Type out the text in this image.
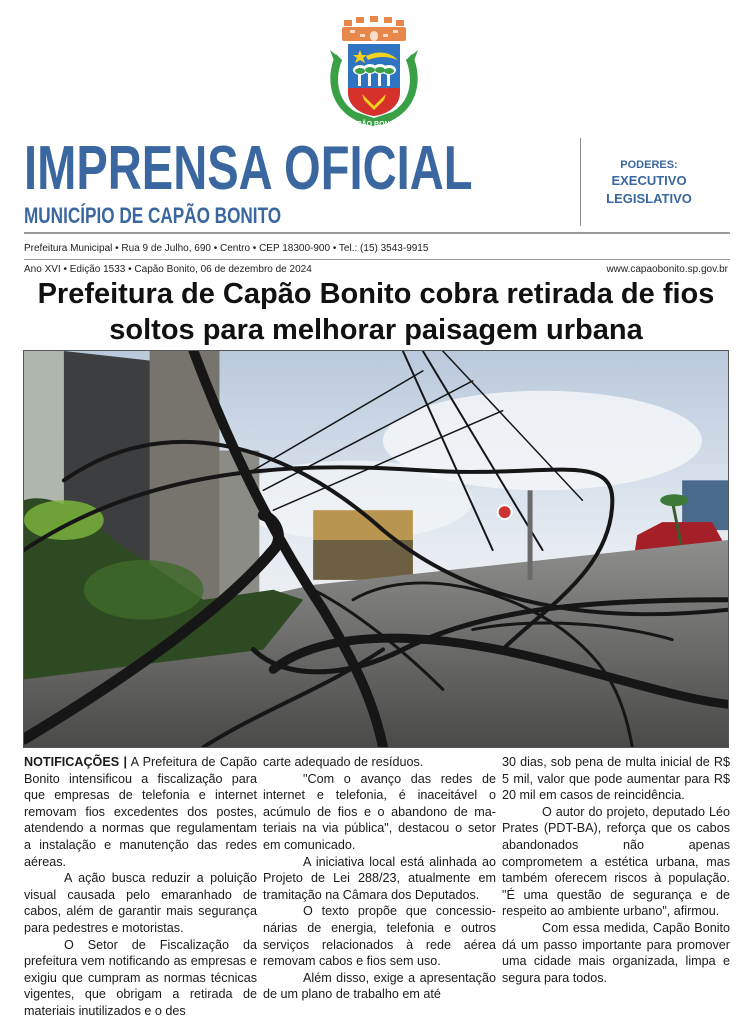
CAPÃO BONITO
IMPRENSA OFICIAL
MUNICÍPIO DE CAPÃO BONITO
PODERES:
EXECUTIVO
LEGISLATIVO
Prefeitura Municipal • Rua 9 de Julho, 690 • Centro • CEP 18300-900 • Tel.: (15) 3543-9915
Ano XVI • Edição 1533 • Capão Bonito, 06 de dezembro de 2024	www.capaobonito.sp.gov.br
Prefeitura de Capão Bonito cobra retirada de fios soltos para melhorar paisagem urbana

NOTIFICAÇÕES | A Prefeitura de Capão Bonito intensificou a fiscalização para que empresas de telefonia e internet removam fios excedentes dos postes, atendendo a normas que regulamentam a instalação e manutenção das redes aéreas.

A ação busca reduzir a poluição visual causada pelo emaranhado de cabos, além de garantir mais segurança para pedestres e motoristas.

O Setor de Fiscalização da prefeitura vem notificando as empresas e exigiu que cumpram as normas técnicas vigentes, que obrigam a retirada de materiais inutilizados e o des

carte adequado de resíduos.

"Com o avanço das redes de internet e telefonia, é inaceitável o acúmulo de fios e o abandono de materiais na via pública", destacou o setor em comunicado.

A iniciativa local está alinhada ao Projeto de Lei 288/23, atualmente em tramitação na Câmara dos Deputados.

O texto propõe que concessionárias de energia, telefonia e outros serviços relacionados à rede aérea removam cabos e fios sem uso.

Além disso, exige a apresentação de um plano de trabalho em até

30 dias, sob pena de multa inicial de R$ 5 mil, valor que pode aumentar para R$ 20 mil em casos de reincidência.

O autor do projeto, deputado Léo Prates (PDT-BA), reforça que os cabos abandonados não apenas comprometem a estética urbana, mas também oferecem riscos à população. "É uma questão de segurança e de respeito ao ambiente urbano", afirmou.

Com essa medida, Capão Bonito dá um passo importante para promover uma cidade mais organizada, limpa e segura para todos.
